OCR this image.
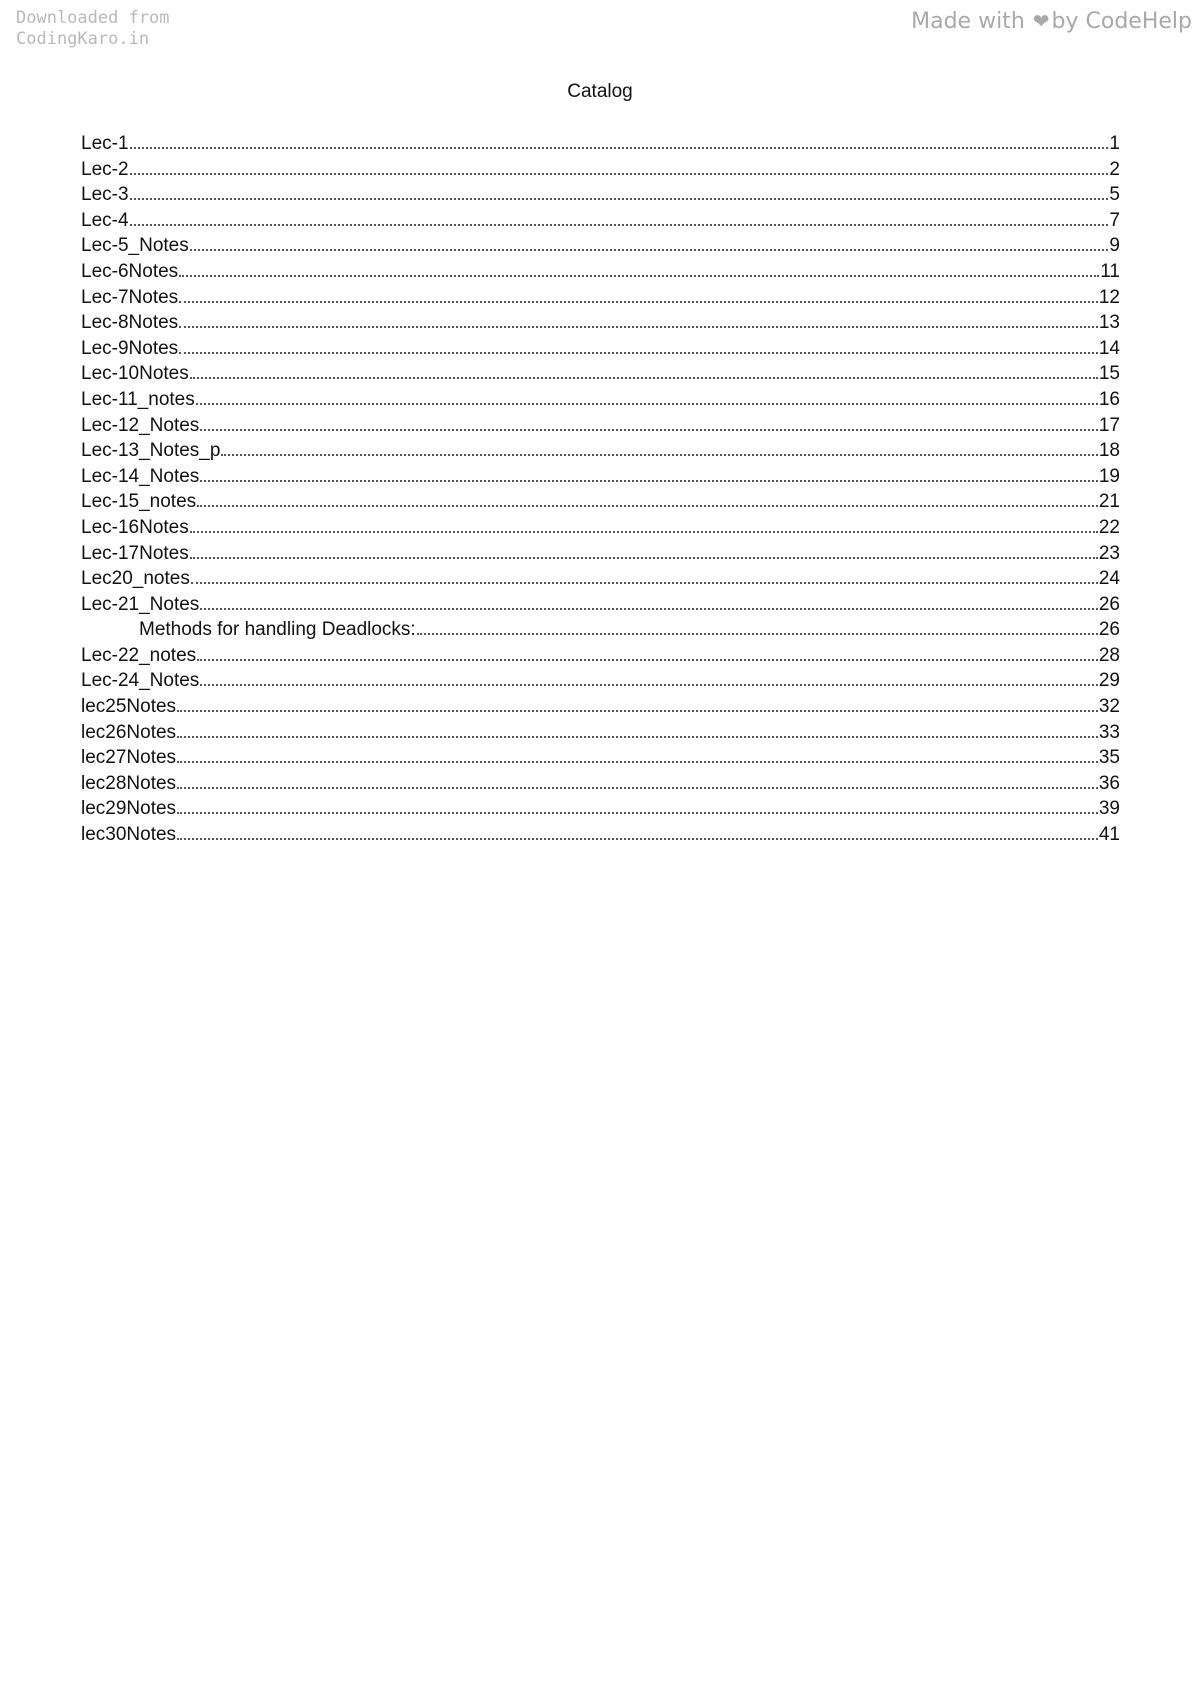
Downloaded from
CodingKaro.in
Made with ❤by CodeHelp
Catalog
Lec-1	1
Lec-2	2
Lec-3	5
Lec-4	7
Lec-5_Notes	9
Lec-6Notes	11
Lec-7Notes	12
Lec-8Notes	13
Lec-9Notes	14
Lec-10Notes	15
Lec-11_notes	16
Lec-12_Notes	17
Lec-13_Notes_p	18
Lec-14_Notes	19
Lec-15_notes	21
Lec-16Notes	22
Lec-17Notes	23
Lec20_notes	24
Lec-21_Notes	26
Methods for handling Deadlocks:	26
Lec-22_notes	28
Lec-24_Notes	29
lec25Notes	32
lec26Notes	33
lec27Notes	35
lec28Notes	36
lec29Notes	39
lec30Notes	41
